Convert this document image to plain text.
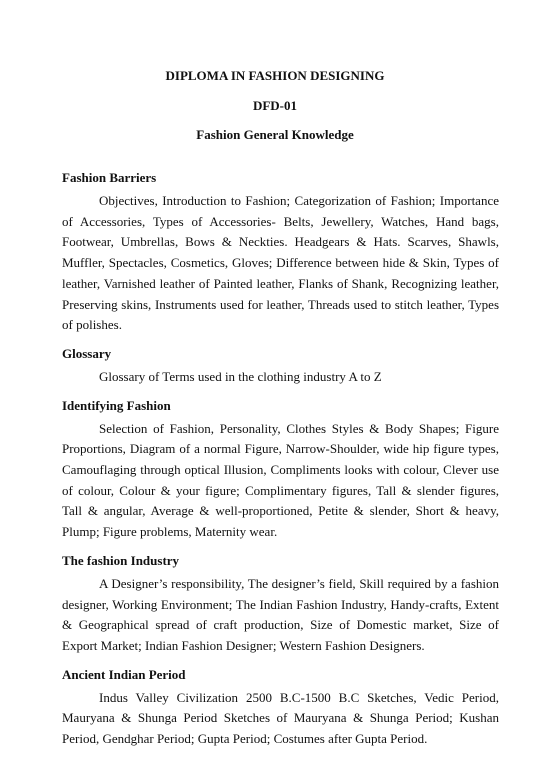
DIPLOMA IN FASHION DESIGNING
DFD-01
Fashion General Knowledge
Fashion Barriers

Objectives, Introduction to Fashion; Categorization of Fashion; Importance of Accessories, Types of Accessories- Belts, Jewellery, Watches, Hand bags, Footwear, Umbrellas, Bows & Neckties. Headgears & Hats. Scarves, Shawls, Muffler, Spectacles, Cosmetics, Gloves; Difference between hide & Skin, Types of leather, Varnished leather of Painted leather, Flanks of Shank, Recognizing leather, Preserving skins, Instruments used for leather, Threads used to stitch leather, Types of polishes.

Glossary

Glossary of Terms used in the clothing industry A to Z

Identifying Fashion

Selection of Fashion, Personality, Clothes Styles & Body Shapes; Figure Proportions, Diagram of a normal Figure, Narrow-Shoulder, wide hip figure types, Camouflaging through optical Illusion, Compliments looks with colour, Clever use of colour, Colour & your figure; Complimentary figures, Tall & slender figures, Tall & angular, Average & well-proportioned, Petite & slender, Short & heavy, Plump; Figure problems, Maternity wear.

The fashion Industry

A Designer’s responsibility, The designer’s field, Skill required by a fashion designer, Working Environment; The Indian Fashion Industry, Handy-crafts, Extent & Geographical spread of craft production, Size of Domestic market, Size of Export Market; Indian Fashion Designer; Western Fashion Designers.

Ancient Indian Period

Indus Valley Civilization 2500 B.C-1500 B.C Sketches, Vedic Period, Mauryana & Shunga Period Sketches of Mauryana & Shunga Period; Kushan Period, Gendghar Period; Gupta Period; Costumes after Gupta Period.
